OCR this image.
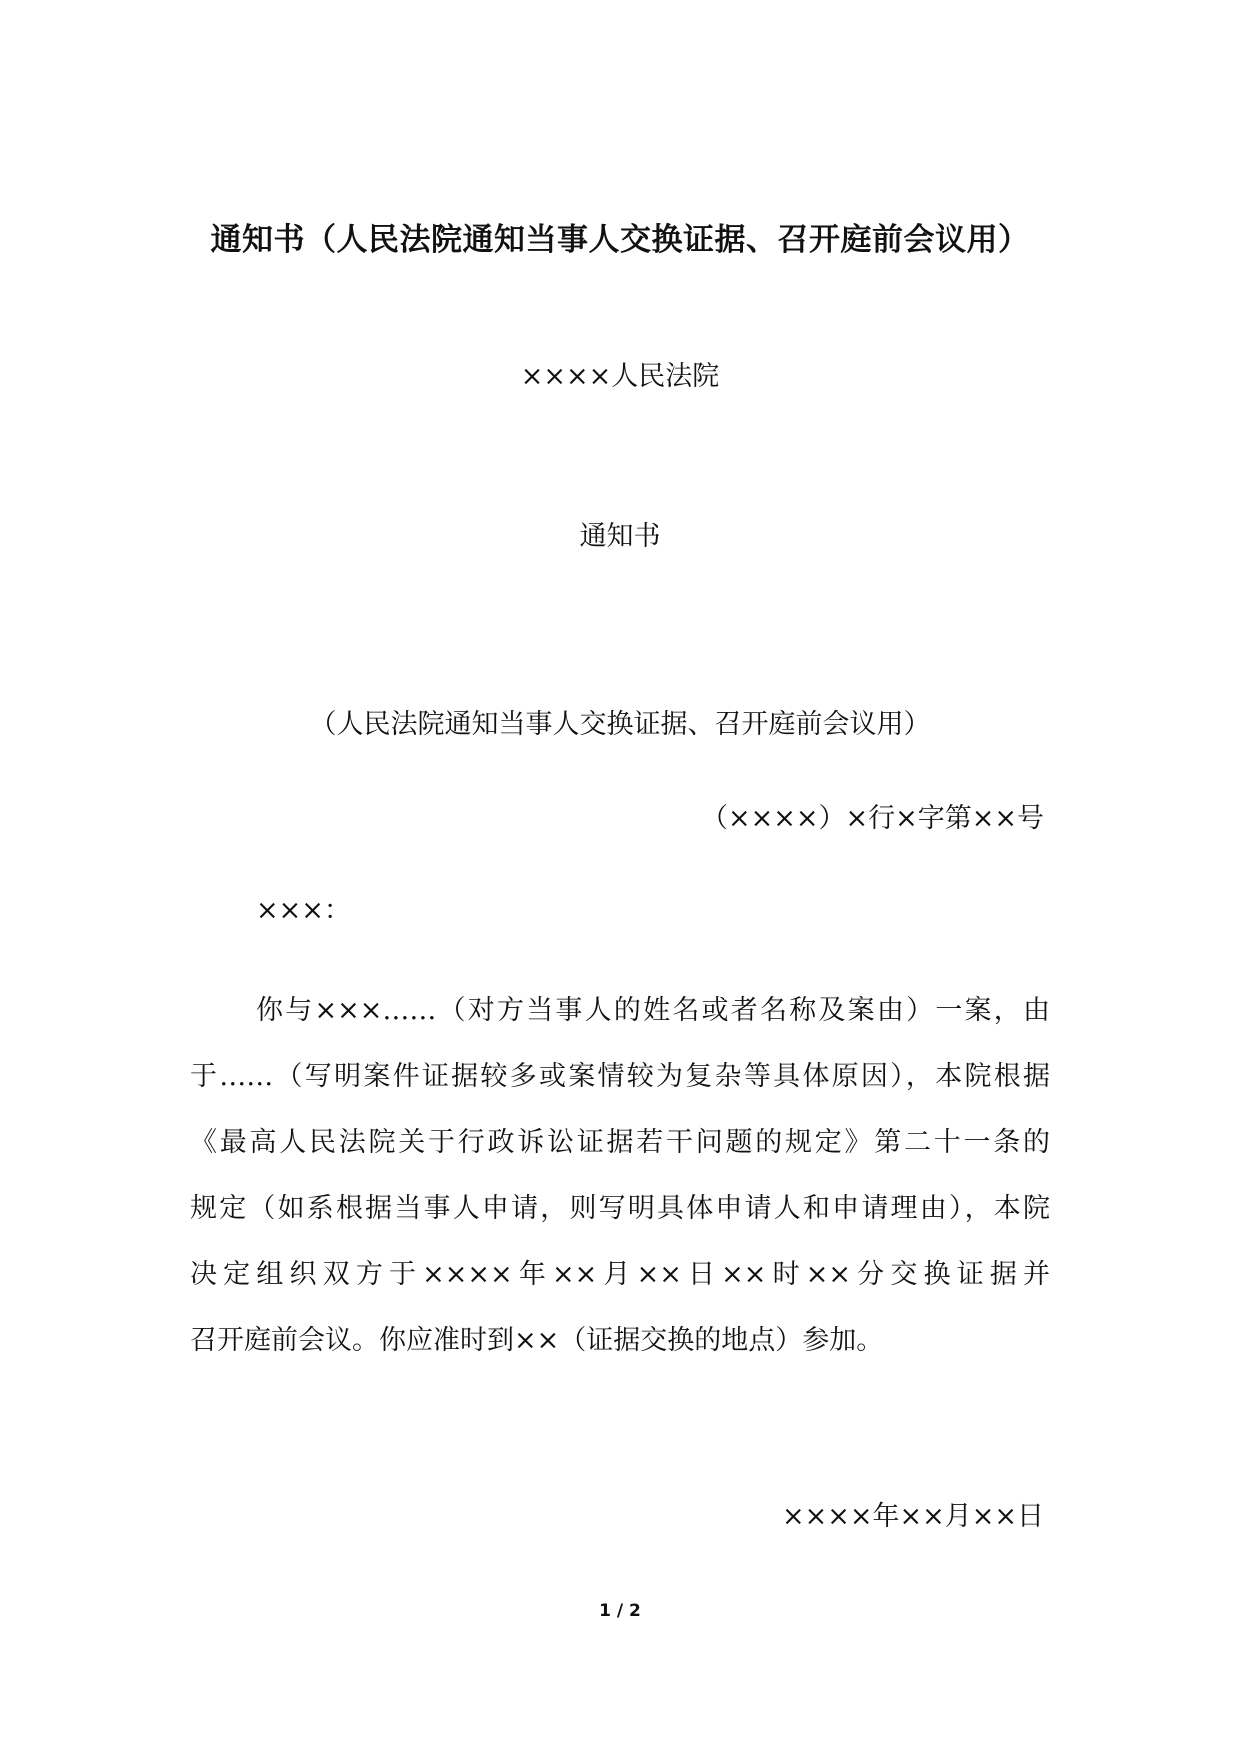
通知书（人民法院通知当事人交换证据、召开庭前会议用）
××××人民法院
通知书
（人民法院通知当事人交换证据、召开庭前会议用）
（××××）×行×字第××号
×××：
你与×××……（对方当事人的姓名或者名称及案由）一案，由
于……（写明案件证据较多或案情较为复杂等具体原因），本院根据
《最高人民法院关于行政诉讼证据若干问题的规定》第二十一条的
规定（如系根据当事人申请，则写明具体申请人和申请理由），本院
决定组织双方于××××年××月××日××时××分交换证据并
召开庭前会议。你应准时到××（证据交换的地点）参加。
××××年××月××日
1 / 2
